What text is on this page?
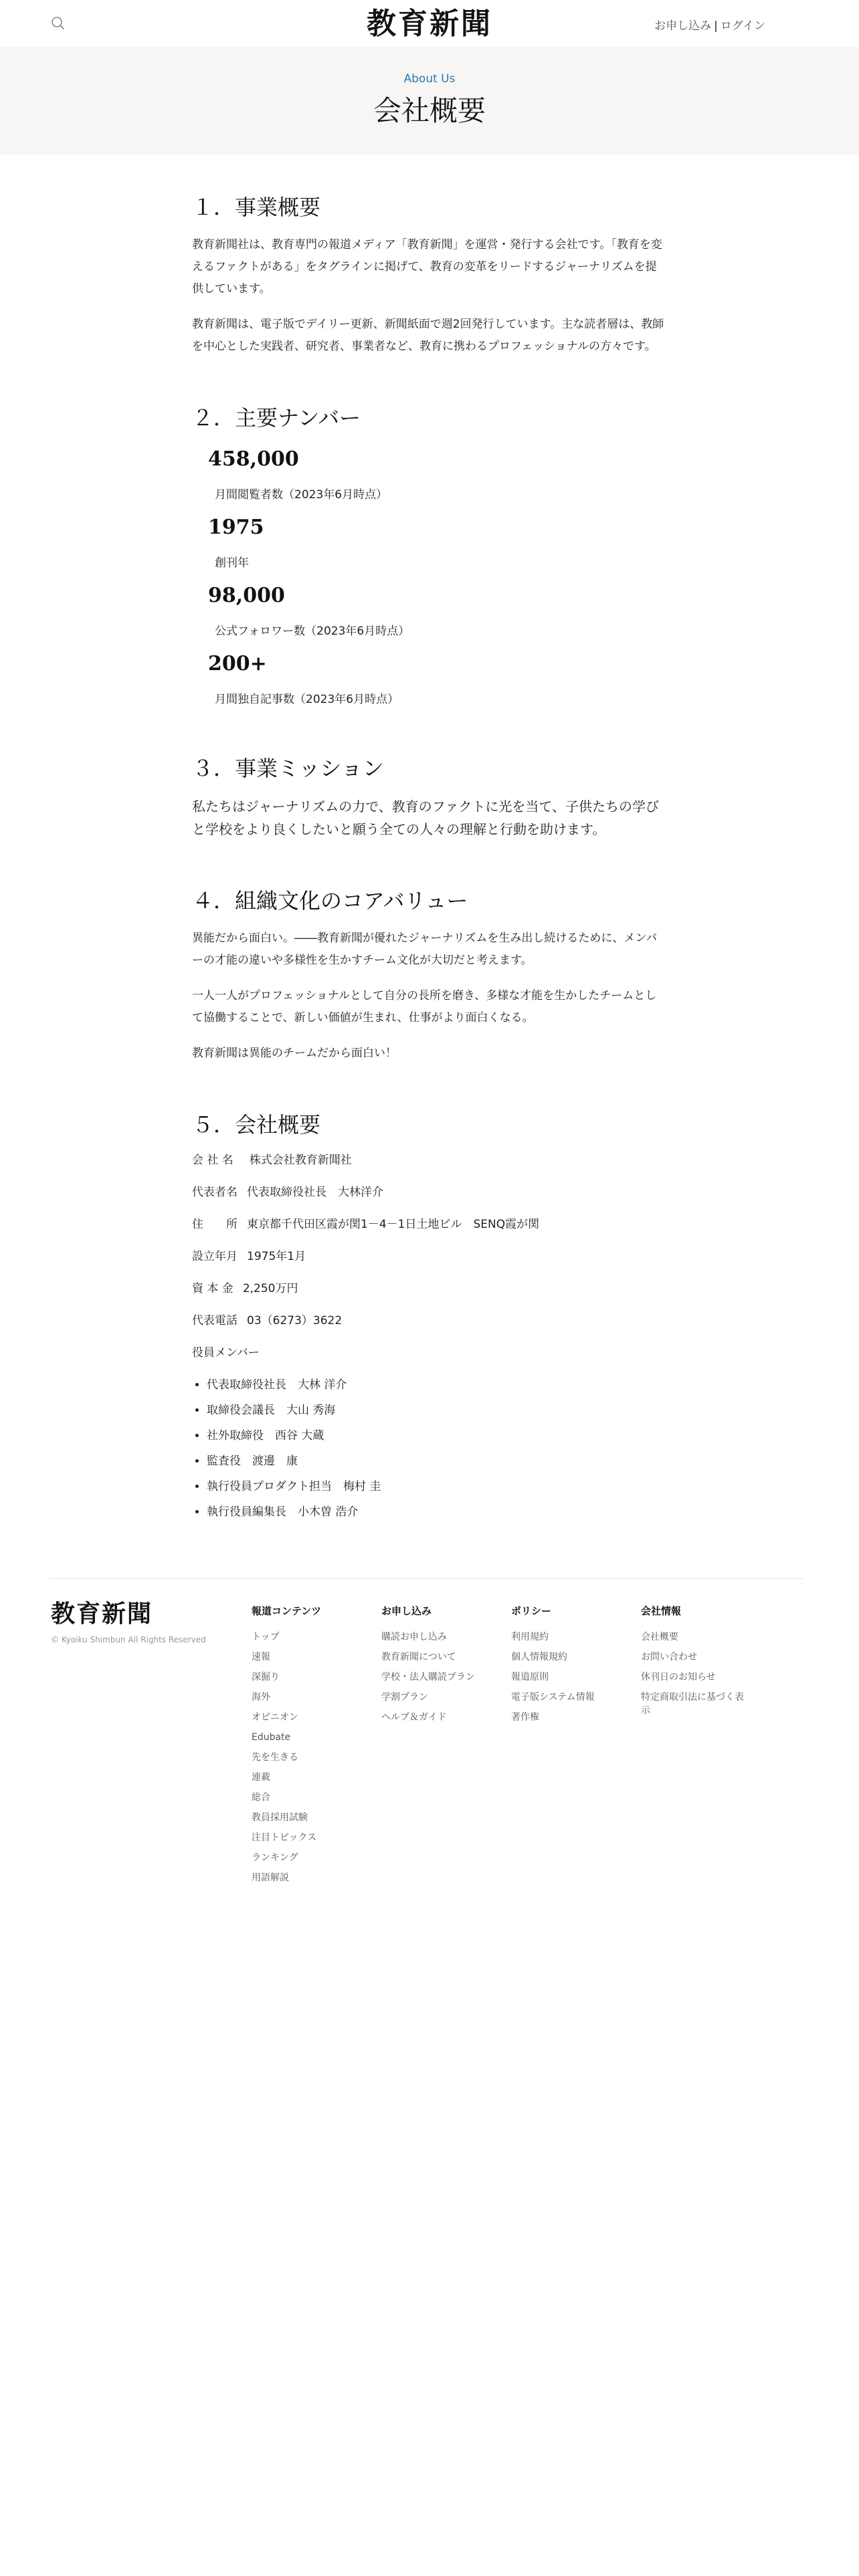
教育新聞	お申し込み | ログイン
About Us
会社概要
１．事業概要

教育新聞社は、教育専門の報道メディア「教育新聞」を運営・発行する会社です。「教育を変えるファクトがある」をタグラインに掲げて、教育の変革をリードするジャーナリズムを提供しています。

教育新聞は、電子版でデイリー更新、新聞紙面で週2回発行しています。主な読者層は、教師を中心とした実践者、研究者、事業者など、教育に携わるプロフェッショナルの方々です。

２．主要ナンバー
458,000
月間閲覧者数（2023年6月時点）
1975
創刊年
98,000
公式フォロワー数（2023年6月時点）
200+
月間独自記事数（2023年6月時点）
３．事業ミッション

私たちはジャーナリズムの力で、教育のファクトに光を当て、子供たちの学びと学校をより良くしたいと願う全ての人々の理解と行動を助けます。

４．組織文化のコアバリュー

異能だから面白い。――教育新聞が優れたジャーナリズムを生み出し続けるために、メンバーの才能の違いや多様性を生かすチーム文化が大切だと考えます。

一人一人がプロフェッショナルとして自分の長所を磨き、多様な才能を生かしたチームとして協働することで、新しい価値が生まれ、仕事がより面白くなる。

教育新聞は異能のチームだから面白い！

５．会社概要
会 社 名 株式会社教育新聞社
代表者名 代表取締役社長　大林洋介
住　　所 東京都千代田区霞が関1－4－1日土地ビル　SENQ霞が関
設立年月 1975年1月
資 本 金 2,250万円
代表電話 03（6273）3622
役員メンバー
• 代表取締役社長　大林 洋介
• 取締役会議長　大山 秀海
• 社外取締役　西谷 大蔵
• 監査役　渡邊　康
• 執行役員プロダクト担当　梅村 圭
• 執行役員編集長　小木曽 浩介
教育新聞
© Kyoiku Shimbun All Rights Reserved
報道コンテンツ
トップ
速報
深掘り
海外
オピニオン
Edubate
先を生きる
連載
総合
教員採用試験
注目トピックス
ランキング
用語解説
お申し込み
購読お申し込み
教育新聞について
学校・法人購読プラン
学割プラン
ヘルプ＆ガイド
ポリシー
利用規約
個人情報規約
報道原則
電子版システム情報
著作権
会社情報
会社概要
お問い合わせ
休刊日のお知らせ
特定商取引法に基づく表示
